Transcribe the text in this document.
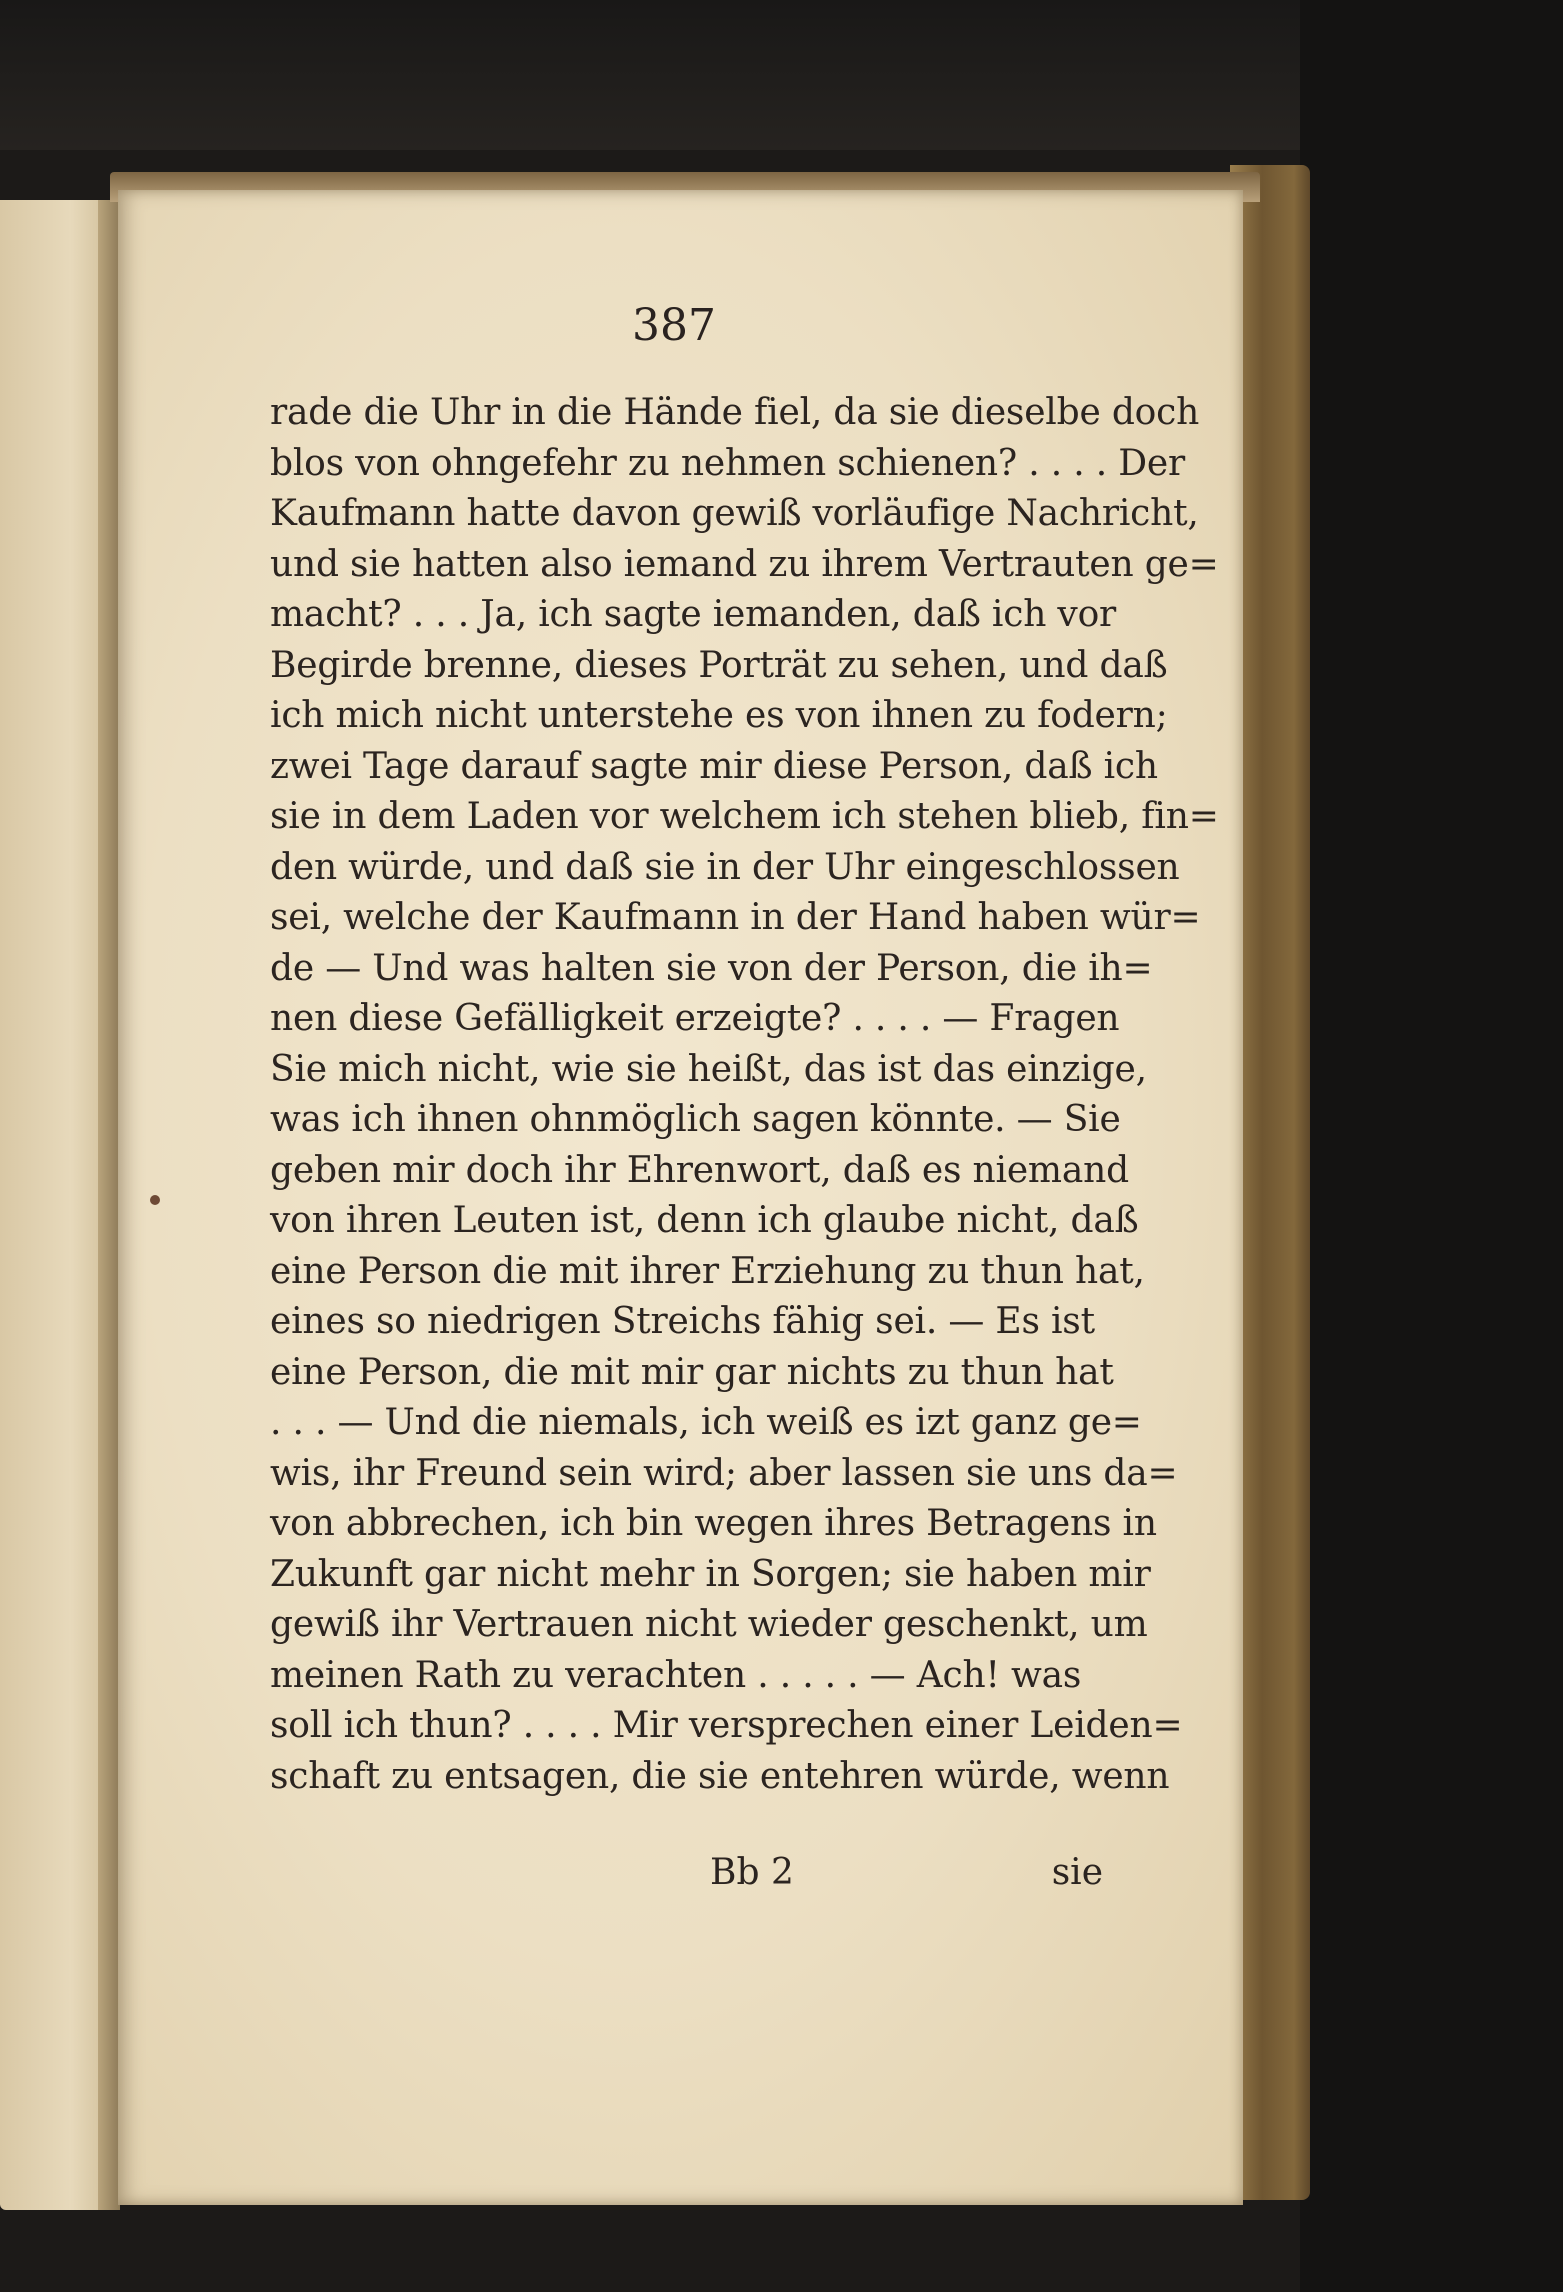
387
rade die Uhr in die Hände fiel, da sie dieselbe doch
blos von ohngefehr zu nehmen schienen? . . . . Der
Kaufmann hatte davon gewiß vorläufige Nachricht,
und sie hatten also iemand zu ihrem Vertrauten ge=
macht? . . . Ja, ich sagte iemanden, daß ich vor
Begirde brenne, dieses Porträt zu sehen, und daß
ich mich nicht unterstehe es von ihnen zu fodern;
zwei Tage darauf sagte mir diese Person, daß ich
sie in dem Laden vor welchem ich stehen blieb, fin=
den würde, und daß sie in der Uhr eingeschlossen
sei, welche der Kaufmann in der Hand haben wür=
de — Und was halten sie von der Person, die ih=
nen diese Gefälligkeit erzeigte? . . . . — Fragen
Sie mich nicht, wie sie heißt, das ist das einzige,
was ich ihnen ohnmöglich sagen könnte. — Sie
geben mir doch ihr Ehrenwort, daß es niemand
von ihren Leuten ist, denn ich glaube nicht, daß
eine Person die mit ihrer Erziehung zu thun hat,
eines so niedrigen Streichs fähig sei. — Es ist
eine Person, die mit mir gar nichts zu thun hat
. . . — Und die niemals, ich weiß es izt ganz ge=
wis, ihr Freund sein wird; aber lassen sie uns da=
von abbrechen, ich bin wegen ihres Betragens in
Zukunft gar nicht mehr in Sorgen; sie haben mir
gewiß ihr Vertrauen nicht wieder geschenkt, um
meinen Rath zu verachten . . . . . — Ach! was
soll ich thun? . . . . Mir versprechen einer Leiden=
schaft zu entsagen, die sie entehren würde, wenn
Bb 2	sie
